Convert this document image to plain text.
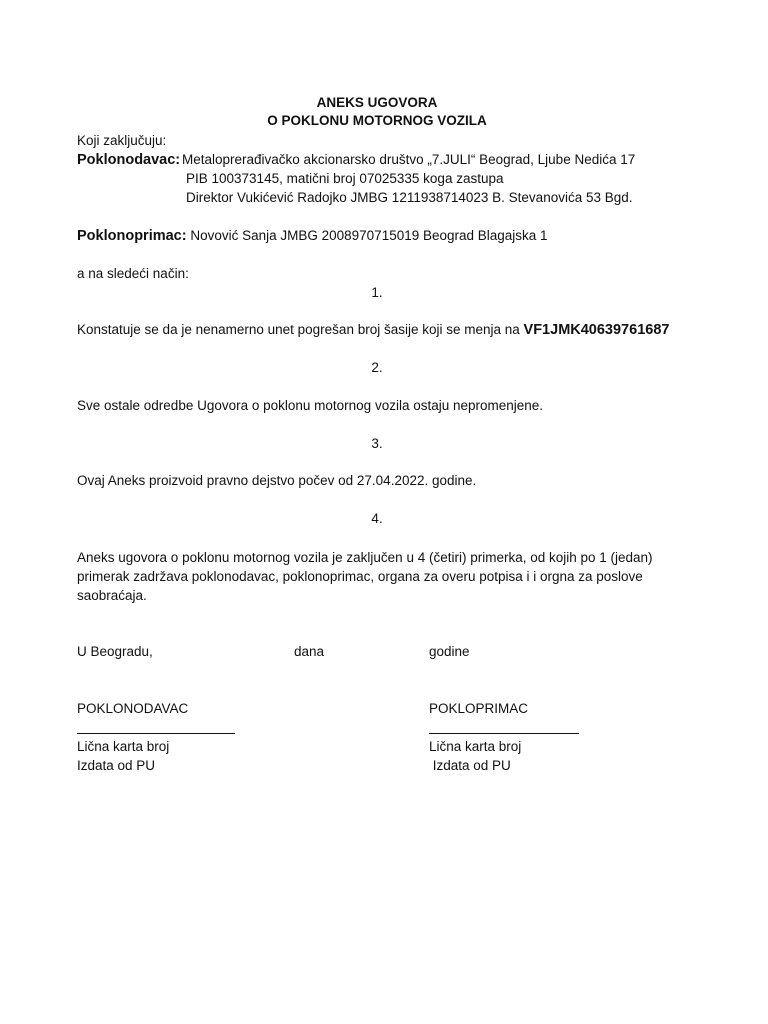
ANEKS UGOVORA
O POKLONU MOTORNOG VOZILA
Koji zaključuju:
Poklonodavac: Metaloprerađivačko akcionarsko društvo „7.JULI“ Beograd, Ljube Nedića 17
PIB 100373145, matični broj 07025335 koga zastupa
Direktor Vukićević Radojko JMBG 1211938714023 B. Stevanovića 53 Bgd.
Poklonoprimac: Novović Sanja JMBG 2008970715019 Beograd Blagajska 1
a na sledeći način:
1.
Konstatuje se da je nenamerno unet pogrešan broj šasije koji se menja na VF1JMK40639761687
2.
Sve ostale odredbe Ugovora o poklonu motornog vozila ostaju nepromenjene.
3.
Ovaj Aneks proizvoid pravno dejstvo počev od 27.04.2022. godine.
4.
Aneks ugovora o poklonu motornog vozila je zaključen u 4 (četiri) primerka, od kojih po 1 (jedan) primerak zadržava poklonodavac, poklonoprimac, organa za overu potpisa i i orgna za poslove saobraćaja.
U Beogradu,	dana	godine
POKLONODAVAC
Lična karta broj
Izdata od PU
POKLOPRIMAC
Lična karta broj
Izdata od PU
